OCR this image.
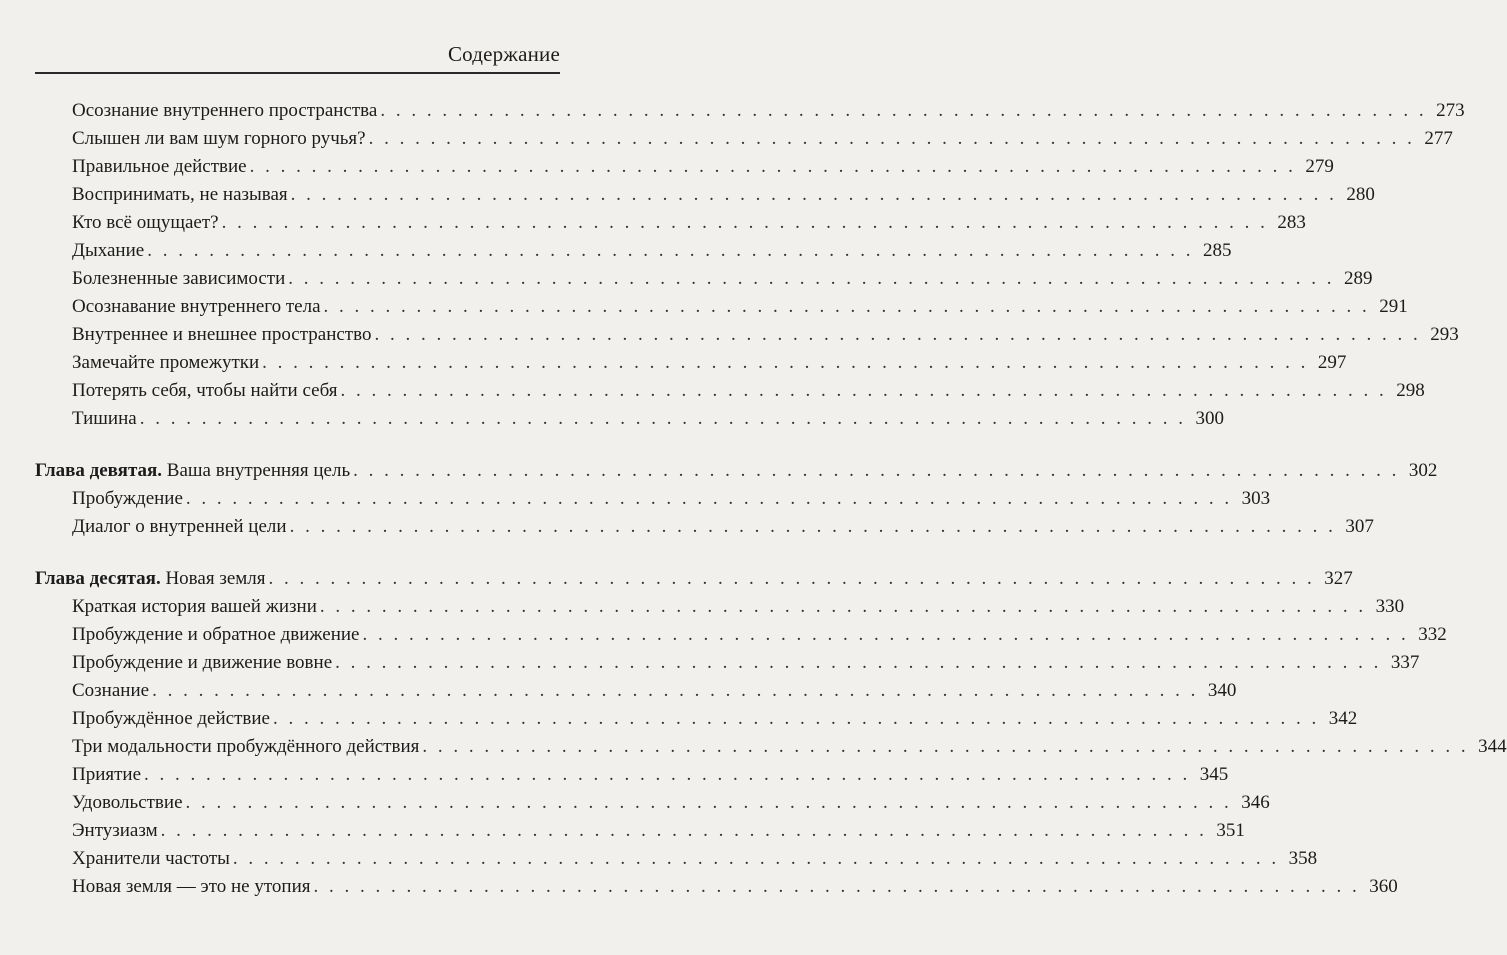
Содержание
Осознание внутреннего пространства . . . . . . . . . . . . . . . . . . . . . . . . . . . . . . . . . . . . . . . . . . . . . . . . . . . . . . . . . . . . . . . . . . . . 273
Слышен ли вам шум горного ручья? . . . . . . . . . . . . . . . . . . . . . . . . . . . . . . . . . . . . . . . . . . . . . . . . . . . . . . . . . . . . . . . . . . . . 277
Правильное действие . . . . . . . . . . . . . . . . . . . . . . . . . . . . . . . . . . . . . . . . . . . . . . . . . . . . . . . . . . . . . . . . . . . . 279
Воспринимать, не называя . . . . . . . . . . . . . . . . . . . . . . . . . . . . . . . . . . . . . . . . . . . . . . . . . . . . . . . . . . . . . . . . . . . . 280
Кто всё ощущает? . . . . . . . . . . . . . . . . . . . . . . . . . . . . . . . . . . . . . . . . . . . . . . . . . . . . . . . . . . . . . . . . . . . . 283
Дыхание . . . . . . . . . . . . . . . . . . . . . . . . . . . . . . . . . . . . . . . . . . . . . . . . . . . . . . . . . . . . . . . . . . . . 285
Болезненные зависимости . . . . . . . . . . . . . . . . . . . . . . . . . . . . . . . . . . . . . . . . . . . . . . . . . . . . . . . . . . . . . . . . . . . . 289
Осознавание внутреннего тела . . . . . . . . . . . . . . . . . . . . . . . . . . . . . . . . . . . . . . . . . . . . . . . . . . . . . . . . . . . . . . . . . . . . 291
Внутреннее и внешнее пространство . . . . . . . . . . . . . . . . . . . . . . . . . . . . . . . . . . . . . . . . . . . . . . . . . . . . . . . . . . . . . . . . . . . . 293
Замечайте промежутки . . . . . . . . . . . . . . . . . . . . . . . . . . . . . . . . . . . . . . . . . . . . . . . . . . . . . . . . . . . . . . . . . . . . 297
Потерять себя, чтобы найти себя . . . . . . . . . . . . . . . . . . . . . . . . . . . . . . . . . . . . . . . . . . . . . . . . . . . . . . . . . . . . . . . . . . . . 298
Тишина . . . . . . . . . . . . . . . . . . . . . . . . . . . . . . . . . . . . . . . . . . . . . . . . . . . . . . . . . . . . . . . . . . . . 300
Глава девятая. Ваша внутренняя цель . . . . . . . . . . . . . . . . . . . . . . . . . . . . . . . . . . . . . . . . . . . . . . . . . . . . . . . . . . . . . . . . . . . . 302
Пробуждение . . . . . . . . . . . . . . . . . . . . . . . . . . . . . . . . . . . . . . . . . . . . . . . . . . . . . . . . . . . . . . . . . . . . 303
Диалог о внутренней цели . . . . . . . . . . . . . . . . . . . . . . . . . . . . . . . . . . . . . . . . . . . . . . . . . . . . . . . . . . . . . . . . . . . . 307
Глава десятая. Новая земля . . . . . . . . . . . . . . . . . . . . . . . . . . . . . . . . . . . . . . . . . . . . . . . . . . . . . . . . . . . . . . . . . . . . 327
Краткая история вашей жизни . . . . . . . . . . . . . . . . . . . . . . . . . . . . . . . . . . . . . . . . . . . . . . . . . . . . . . . . . . . . . . . . . . . . 330
Пробуждение и обратное движение . . . . . . . . . . . . . . . . . . . . . . . . . . . . . . . . . . . . . . . . . . . . . . . . . . . . . . . . . . . . . . . . . . . . 332
Пробуждение и движение вовне . . . . . . . . . . . . . . . . . . . . . . . . . . . . . . . . . . . . . . . . . . . . . . . . . . . . . . . . . . . . . . . . . . . . 337
Сознание . . . . . . . . . . . . . . . . . . . . . . . . . . . . . . . . . . . . . . . . . . . . . . . . . . . . . . . . . . . . . . . . . . . . 340
Пробуждённое действие . . . . . . . . . . . . . . . . . . . . . . . . . . . . . . . . . . . . . . . . . . . . . . . . . . . . . . . . . . . . . . . . . . . . 342
Три модальности пробуждённого действия . . . . . . . . . . . . . . . . . . . . . . . . . . . . . . . . . . . . . . . . . . . . . . . . . . . . . . . . . . . . . . . . . . . . 344
Приятие . . . . . . . . . . . . . . . . . . . . . . . . . . . . . . . . . . . . . . . . . . . . . . . . . . . . . . . . . . . . . . . . . . . . 345
Удовольствие . . . . . . . . . . . . . . . . . . . . . . . . . . . . . . . . . . . . . . . . . . . . . . . . . . . . . . . . . . . . . . . . . . . . 346
Энтузиазм . . . . . . . . . . . . . . . . . . . . . . . . . . . . . . . . . . . . . . . . . . . . . . . . . . . . . . . . . . . . . . . . . . . . 351
Хранители частоты . . . . . . . . . . . . . . . . . . . . . . . . . . . . . . . . . . . . . . . . . . . . . . . . . . . . . . . . . . . . . . . . . . . . 358
Новая земля — это не утопия . . . . . . . . . . . . . . . . . . . . . . . . . . . . . . . . . . . . . . . . . . . . . . . . . . . . . . . . . . . . . . . . . . . . 360
